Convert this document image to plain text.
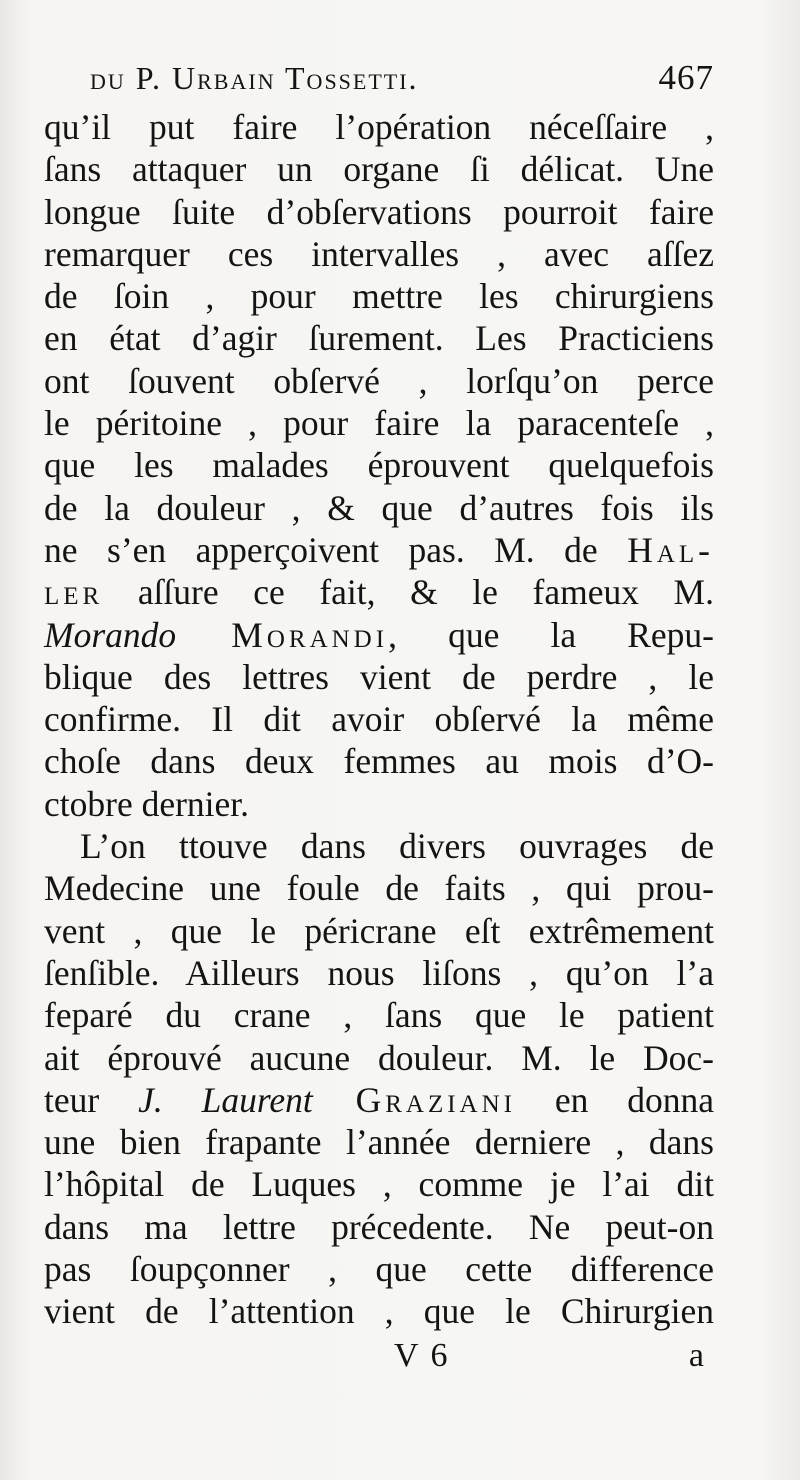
du P. Urbain Tossetti.	467
qu’il put faire l’opération néceſſaire ,
ſans attaquer un organe ſi délicat. Une
longue ſuite d’obſervations pourroit faire
remarquer ces intervalles , avec aſſez
de ſoin , pour mettre les chirurgiens
en état d’agir ſurement. Les Practiciens
ont ſouvent obſervé , lorſqu’on perce
le péritoine , pour faire la paracenteſe ,
que les malades éprouvent quelquefois
de la douleur , & que d’autres fois ils
ne s’en apperçoivent pas. M. de Hal-
ler aſſure ce fait, & le fameux M.
Morando Morandi, que la Repu-
blique des lettres vient de perdre , le
confirme. Il dit avoir obſervé la même
choſe dans deux femmes au mois d’O-
ctobre dernier.
L’on ttouve dans divers ouvrages de
Medecine une foule de faits , qui prou-
vent , que le péricrane eſt extrêmement
ſenſible. Ailleurs nous liſons , qu’on l’a
feparé du crane , ſans que le patient
ait éprouvé aucune douleur. M. le Doc-
teur J. Laurent Graziani en donna
une bien frapante l’année derniere , dans
l’hôpital de Luques , comme je l’ai dit
dans ma lettre précedente. Ne peut-on
pas ſoupçonner , que cette difference
vient de l’attention , que le Chirurgien
V 6	a
